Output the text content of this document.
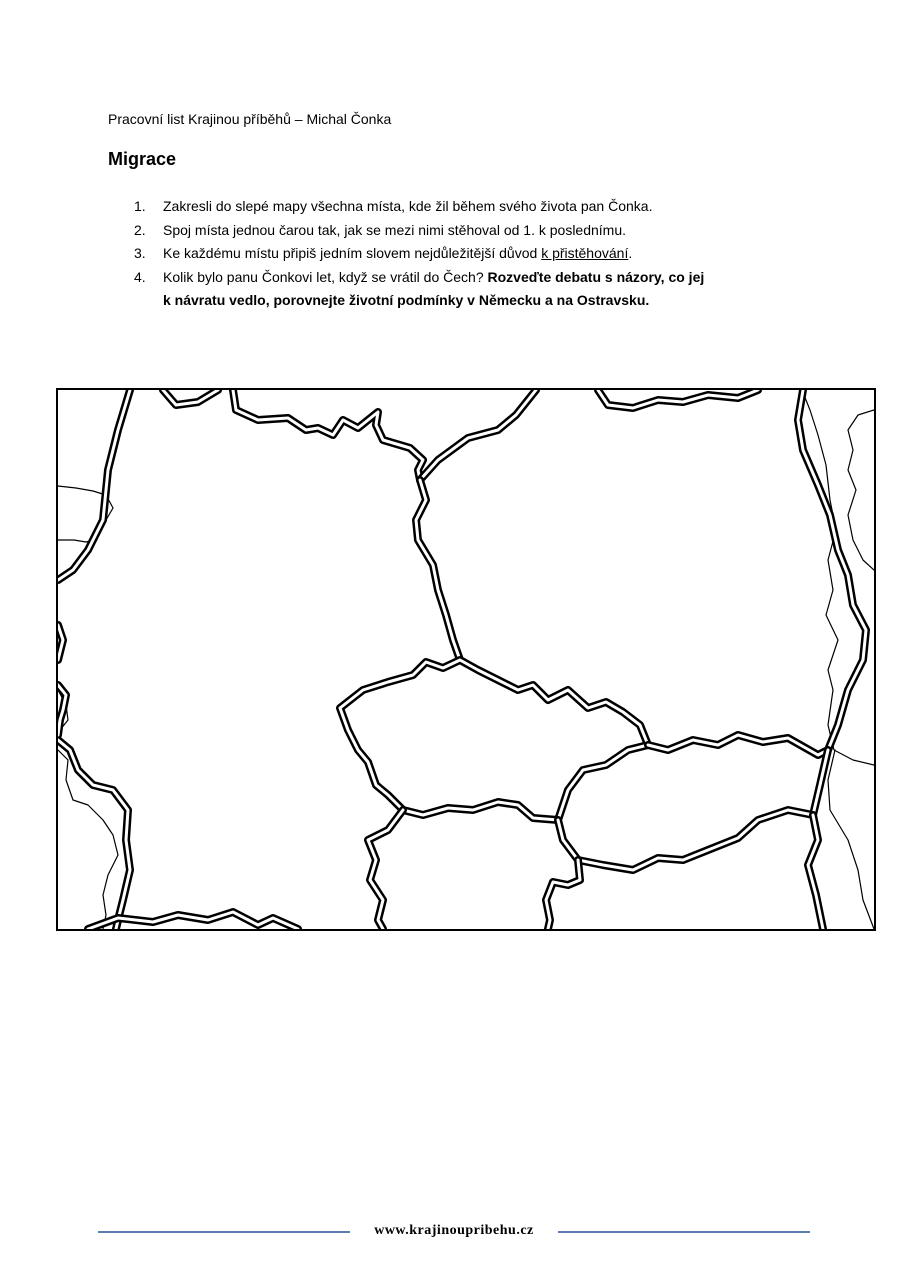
Pracovní list Krajinou příběhů – Michal Čonka
Migrace
1. Zakresli do slepé mapy všechna místa, kde žil během svého života pan Čonka.
2. Spoj místa jednou čarou tak, jak se mezi nimi stěhoval od 1. k poslednímu.
3. Ke každému místu připiš jedním slovem nejdůležitější důvod k přistěhování.
4. Kolik bylo panu Čonkovi let, když se vrátil do Čech? Rozveďte debatu s názory, co jej
k návratu vedlo, porovnejte životní podmínky v Německu a na Ostravsku.
www.krajinoupribehu.cz
